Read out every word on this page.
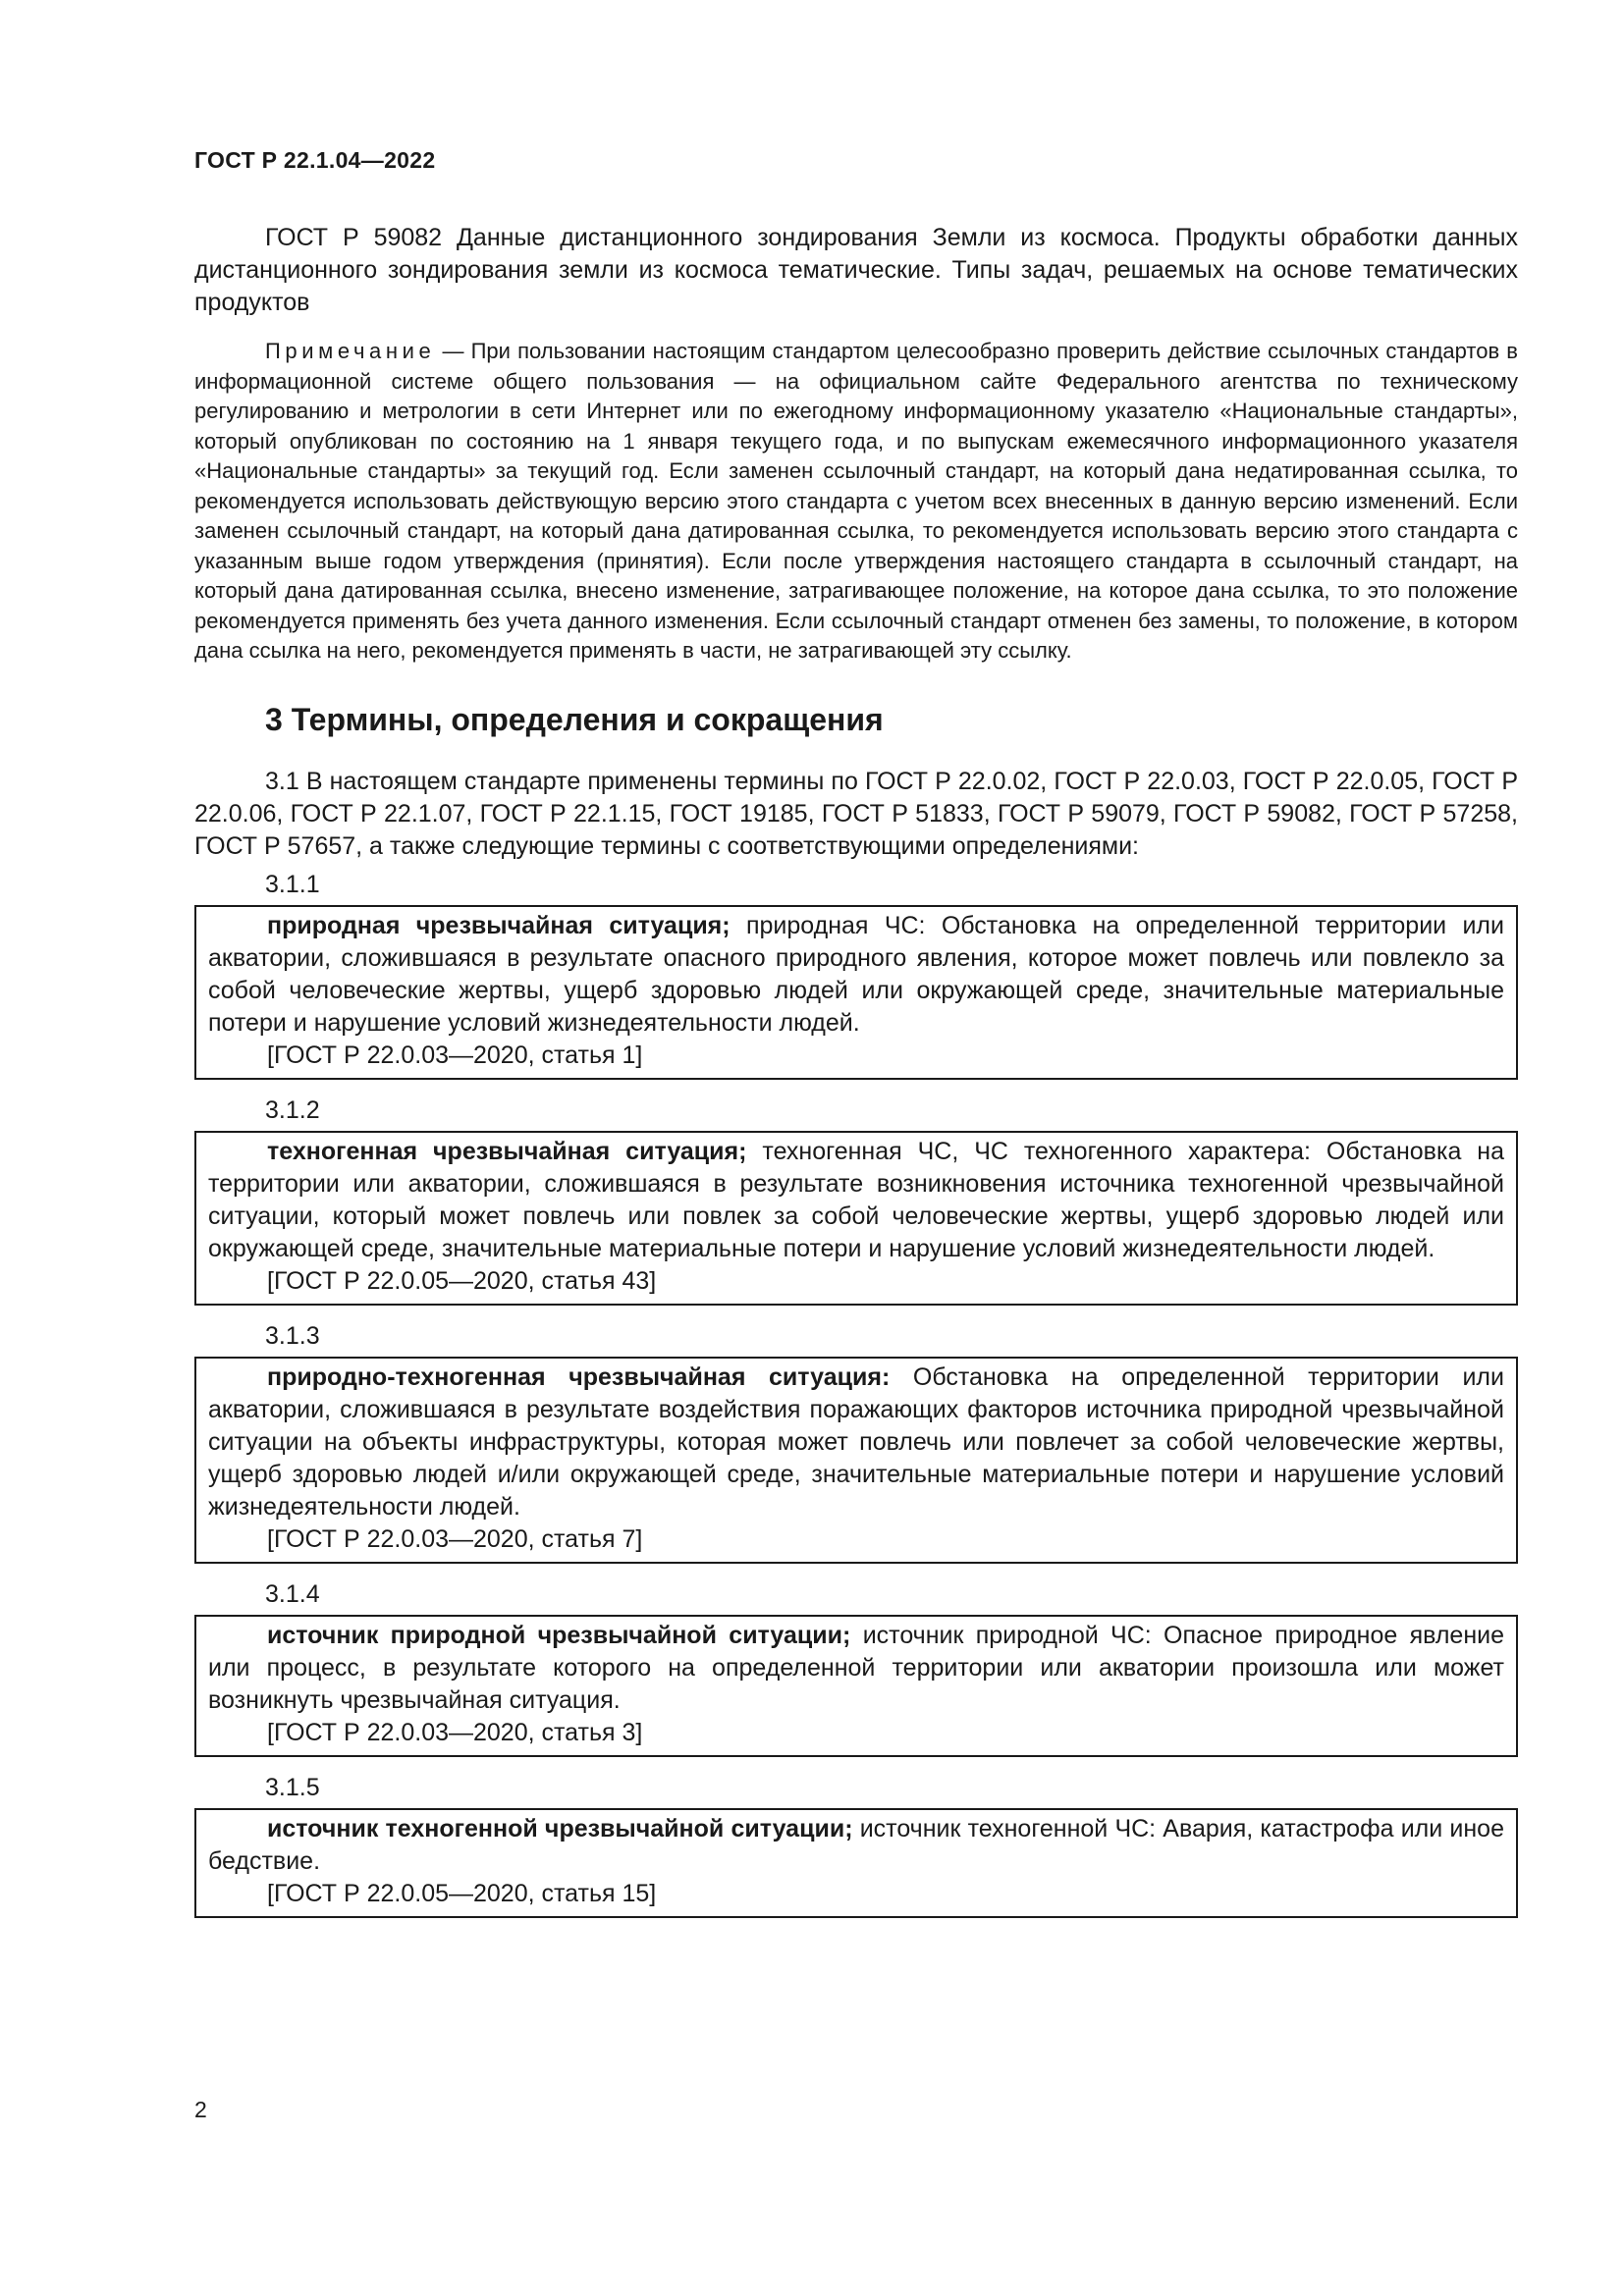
ГОСТ Р 22.1.04—2022

ГОСТ Р 59082 Данные дистанционного зондирования Земли из космоса. Продукты обработки данных дистанционного зондирования земли из космоса тематические. Типы задач, решаемых на основе тематических продуктов

Примечание — При пользовании настоящим стандартом целесообразно проверить действие ссылочных стандартов в информационной системе общего пользования — на официальном сайте Федерального агентства по техническому регулированию и метрологии в сети Интернет или по ежегодному информационному указателю «Национальные стандарты», который опубликован по состоянию на 1 января текущего года, и по выпускам ежемесячного информационного указателя «Национальные стандарты» за текущий год. Если заменен ссылочный стандарт, на который дана недатированная ссылка, то рекомендуется использовать действующую версию этого стандарта с учетом всех внесенных в данную версию изменений. Если заменен ссылочный стандарт, на который дана датированная ссылка, то рекомендуется использовать версию этого стандарта с указанным выше годом утверждения (принятия). Если после утверждения настоящего стандарта в ссылочный стандарт, на который дана датированная ссылка, внесено изменение, затрагивающее положение, на которое дана ссылка, то это положение рекомендуется применять без учета данного изменения. Если ссылочный стандарт отменен без замены, то положение, в котором дана ссылка на него, рекомендуется применять в части, не затрагивающей эту ссылку.

3 Термины, определения и сокращения

3.1 В настоящем стандарте применены термины по ГОСТ Р 22.0.02, ГОСТ Р 22.0.03, ГОСТ Р 22.0.05, ГОСТ Р 22.0.06, ГОСТ Р 22.1.07, ГОСТ Р 22.1.15, ГОСТ 19185, ГОСТ Р 51833, ГОСТ Р 59079, ГОСТ Р 59082, ГОСТ Р 57258, ГОСТ Р 57657, а также следующие термины с соответствующими определениями:

3.1.1

природная чрезвычайная ситуация; природная ЧС: Обстановка на определенной территории или акватории, сложившаяся в результате опасного природного явления, которое может повлечь или повлекло за собой человеческие жертвы, ущерб здоровью людей или окружающей среде, значительные материальные потери и нарушение условий жизнедеятельности людей.

[ГОСТ Р 22.0.03—2020, статья 1]

3.1.2

техногенная чрезвычайная ситуация; техногенная ЧС, ЧС техногенного характера: Обстановка на территории или акватории, сложившаяся в результате возникновения источника техногенной чрезвычайной ситуации, который может повлечь или повлек за собой человеческие жертвы, ущерб здоровью людей или окружающей среде, значительные материальные потери и нарушение условий жизнедеятельности людей.

[ГОСТ Р 22.0.05—2020, статья 43]

3.1.3

природно-техногенная чрезвычайная ситуация: Обстановка на определенной территории или акватории, сложившаяся в результате воздействия поражающих факторов источника природной чрезвычайной ситуации на объекты инфраструктуры, которая может повлечь или повлечет за собой человеческие жертвы, ущерб здоровью людей и/или окружающей среде, значительные материальные потери и нарушение условий жизнедеятельности людей.

[ГОСТ Р 22.0.03—2020, статья 7]

3.1.4

источник природной чрезвычайной ситуации; источник природной ЧС: Опасное природное явление или процесс, в результате которого на определенной территории или акватории произошла или может возникнуть чрезвычайная ситуация.

[ГОСТ Р 22.0.03—2020, статья 3]

3.1.5

источник техногенной чрезвычайной ситуации; источник техногенной ЧС: Авария, катастрофа или иное бедствие.

[ГОСТ Р 22.0.05—2020, статья 15]

2
